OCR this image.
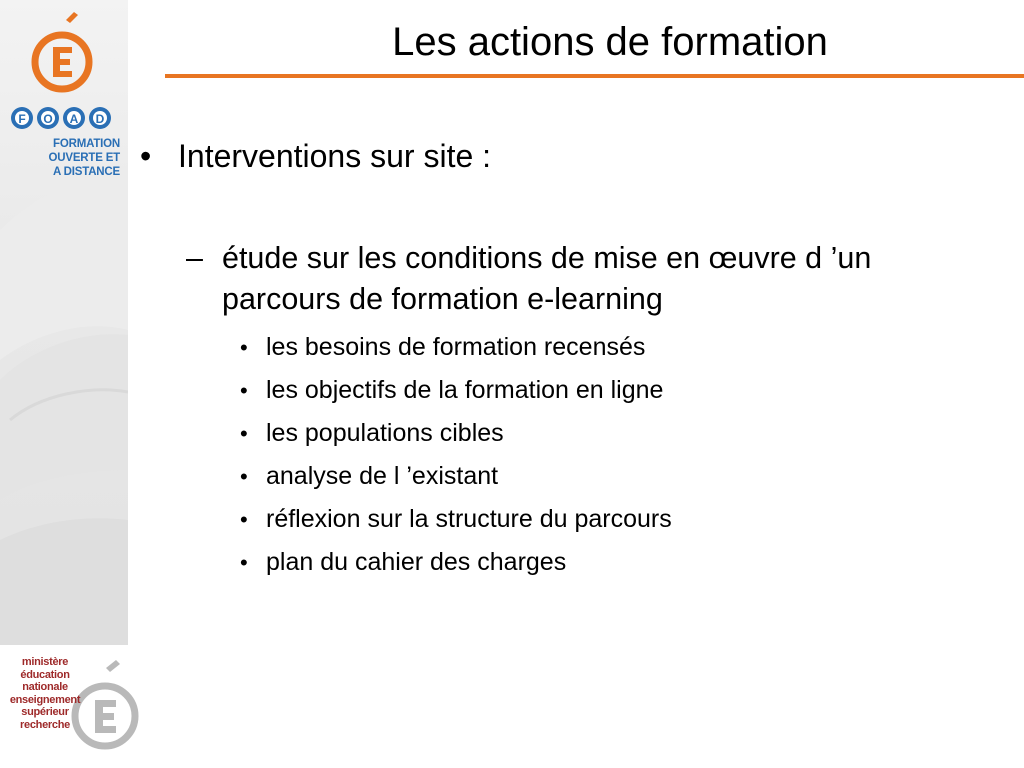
F O A D
FORMATION
OUVERTE ET
A DISTANCE
ministère
éducation
nationale
enseignement
supérieur
recherche
Les actions de formation
• Interventions sur site :
– étude sur les conditions de mise en œuvre d ’un parcours de formation e-learning
• les besoins de formation recensés
• les objectifs de la formation en ligne
• les populations cibles
• analyse de l ’existant
• réflexion sur la structure du parcours
• plan du cahier des charges
